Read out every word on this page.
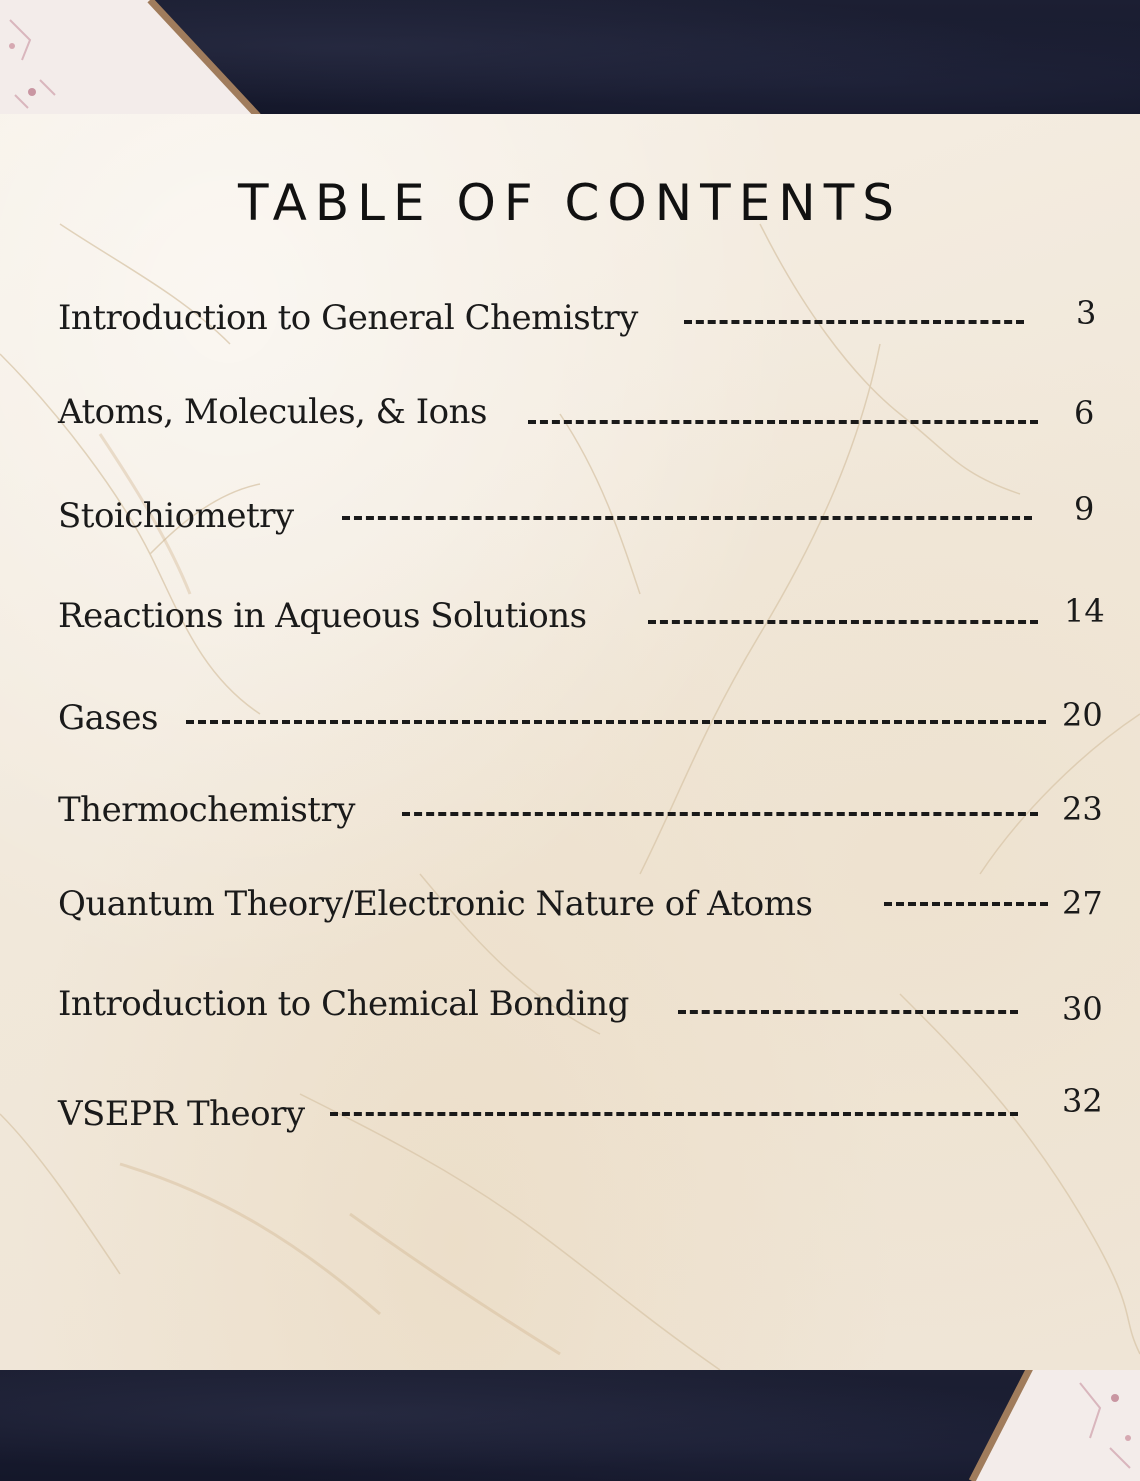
TABLE OF CONTENTS
Introduction to General Chemistry	3
Atoms, Molecules, & Ions	6
Stoichiometry	9
Reactions in Aqueous Solutions	14
Gases	20
Thermochemistry	23
Quantum Theory/Electronic Nature of Atoms	27
Introduction to Chemical Bonding	30
VSEPR Theory	32
